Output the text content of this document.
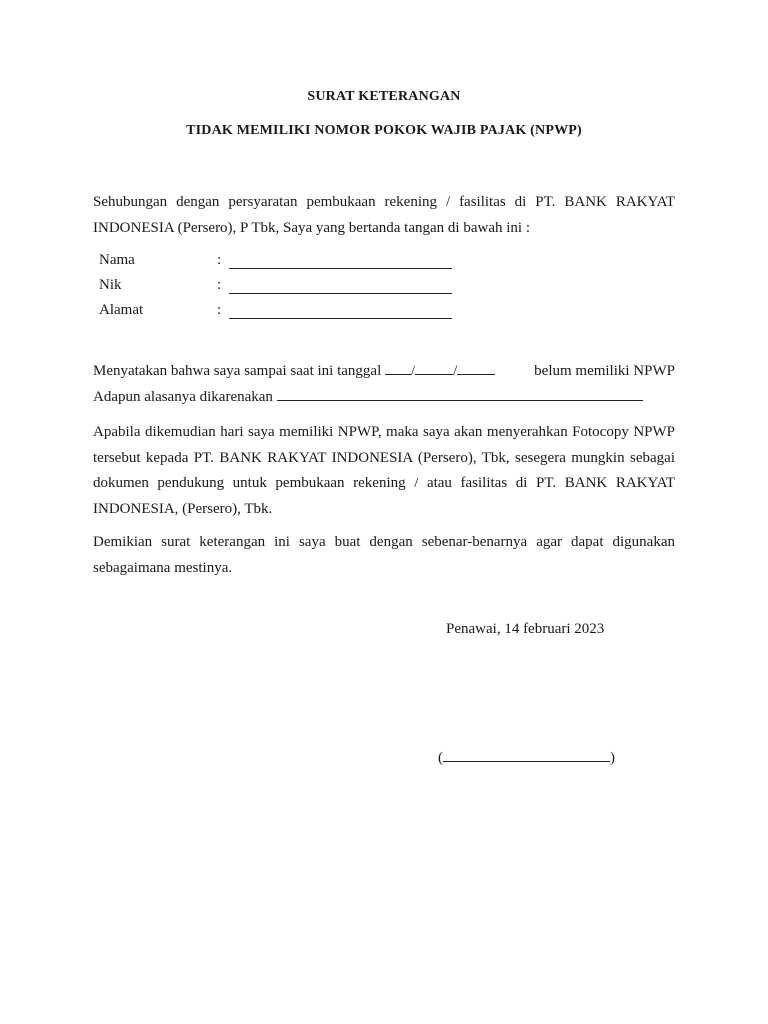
SURAT KETERANGAN
TIDAK MEMILIKI NOMOR POKOK WAJIB PAJAK (NPWP)

Sehubungan dengan persyaratan pembukaan rekening / fasilitas di PT. BANK RAKYAT INDONESIA (Persero), P Tbk, Saya yang bertanda tangan di bawah ini :

Nama	:
Nik	:
Alamat	:
Menyatakan bahwa saya sampai saat ini tanggal /	/	belum memiliki NPWP
Adapun alasanya dikarenakan

Apabila dikemudian hari saya memiliki NPWP, maka saya akan menyerahkan Fotocopy NPWP tersebut kepada PT. BANK RAKYAT INDONESIA (Persero), Tbk, sesegera mungkin sebagai dokumen pendukung untuk pembukaan rekening / atau fasilitas di PT. BANK RAKYAT INDONESIA, (Persero), Tbk.

Demikian surat keterangan ini saya buat dengan sebenar-benarnya agar dapat digunakan sebagaimana mestinya.

Penawai, 14 februari 2023
(	)
